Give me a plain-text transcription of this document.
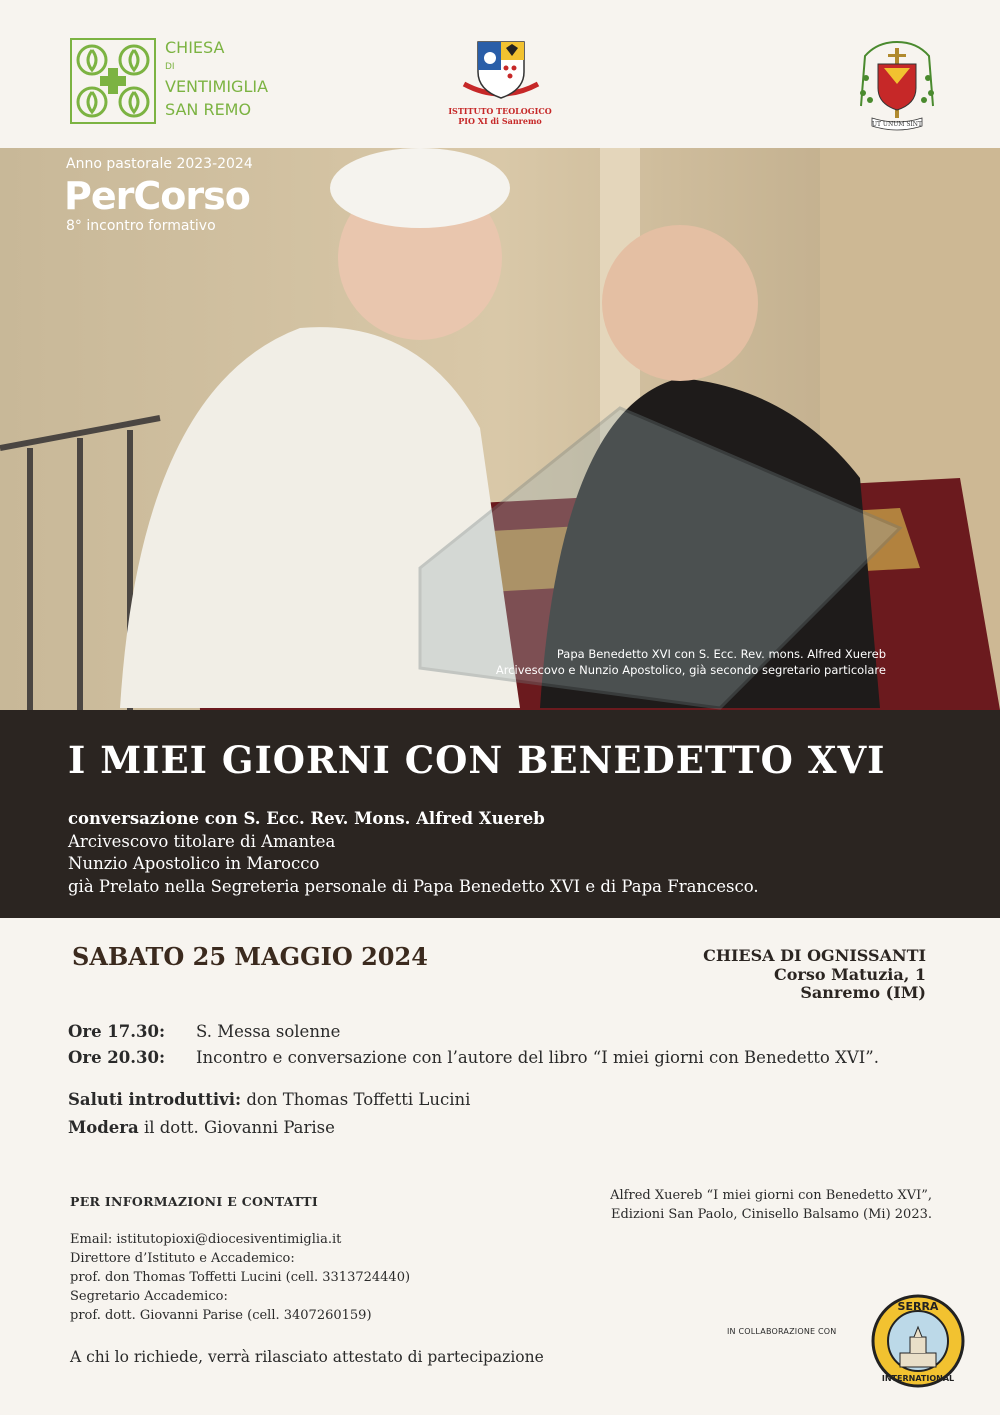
CHIESA
DI
VENTIMIGLIA
SAN REMO	ISTITUTO TEOLOGICO
PIO XI di Sanremo	UT UNUM SINT
Anno pastorale 2023-2024
PerCorso
8° incontro formativo
Papa Benedetto XVI con S. Ecc. Rev. mons. Alfred Xuereb
Arcivescovo e Nunzio Apostolico, già secondo segretario particolare
I MIEI GIORNI CON BENEDETTO XVI
conversazione con S. Ecc. Rev. Mons. Alfred Xuereb
Arcivescovo titolare di Amantea
Nunzio Apostolico in Marocco
già Prelato nella Segreteria personale di Papa Benedetto XVI e di Papa Francesco.
SABATO 25 MAGGIO 2024	CHIESA DI OGNISSANTI
Corso Matuzia, 1
Sanremo (IM)
Ore 17.30: S. Messa solenne
Ore 20.30: Incontro e conversazione con l’autore del libro “I miei giorni con Benedetto XVI”.
Saluti introduttivi: don Thomas Toffetti Lucini
Modera il dott. Giovanni Parise
PER INFORMAZIONI E CONTATTI
Email: istitutopioxi@diocesiventimiglia.it
Direttore d’Istituto e Accademico:
prof. don Thomas Toffetti Lucini (cell. 3313724440)
Segretario Accademico:
prof. dott. Giovanni Parise (cell. 3407260159)
Alfred Xuereb “I miei giorni con Benedetto XVI”,
Edizioni San Paolo, Cinisello Balsamo (Mi) 2023.
A chi lo richiede, verrà rilasciato attestato di partecipazione
IN COLLABORAZIONE CON
SERRA
INTERNATIONAL
